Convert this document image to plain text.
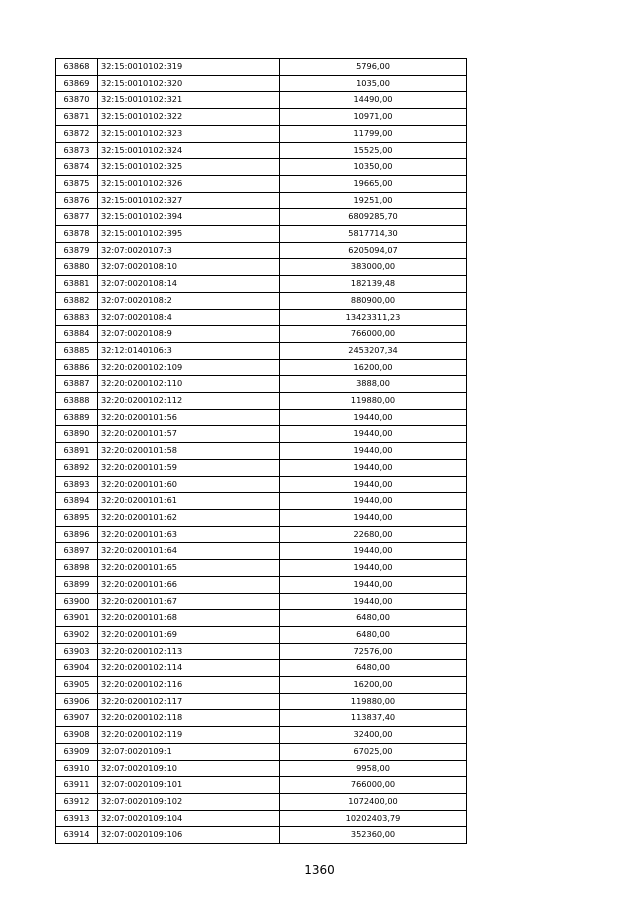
63868	32:15:0010102:319	5796,00
63869	32:15:0010102:320	1035,00
63870	32:15:0010102:321	14490,00
63871	32:15:0010102:322	10971,00
63872	32:15:0010102:323	11799,00
63873	32:15:0010102:324	15525,00
63874	32:15:0010102:325	10350,00
63875	32:15:0010102:326	19665,00
63876	32:15:0010102:327	19251,00
63877	32:15:0010102:394	6809285,70
63878	32:15:0010102:395	5817714,30
63879	32:07:0020107:3	6205094,07
63880	32:07:0020108:10	383000,00
63881	32:07:0020108:14	182139,48
63882	32:07:0020108:2	880900,00
63883	32:07:0020108:4	13423311,23
63884	32:07:0020108:9	766000,00
63885	32:12:0140106:3	2453207,34
63886	32:20:0200102:109	16200,00
63887	32:20:0200102:110	3888,00
63888	32:20:0200102:112	119880,00
63889	32:20:0200101:56	19440,00
63890	32:20:0200101:57	19440,00
63891	32:20:0200101:58	19440,00
63892	32:20:0200101:59	19440,00
63893	32:20:0200101:60	19440,00
63894	32:20:0200101:61	19440,00
63895	32:20:0200101:62	19440,00
63896	32:20:0200101:63	22680,00
63897	32:20:0200101:64	19440,00
63898	32:20:0200101:65	19440,00
63899	32:20:0200101:66	19440,00
63900	32:20:0200101:67	19440,00
63901	32:20:0200101:68	6480,00
63902	32:20:0200101:69	6480,00
63903	32:20:0200102:113	72576,00
63904	32:20:0200102:114	6480,00
63905	32:20:0200102:116	16200,00
63906	32:20:0200102:117	119880,00
63907	32:20:0200102:118	113837,40
63908	32:20:0200102:119	32400,00
63909	32:07:0020109:1	67025,00
63910	32:07:0020109:10	9958,00
63911	32:07:0020109:101	766000,00
63912	32:07:0020109:102	1072400,00
63913	32:07:0020109:104	10202403,79
63914	32:07:0020109:106	352360,00
1360
